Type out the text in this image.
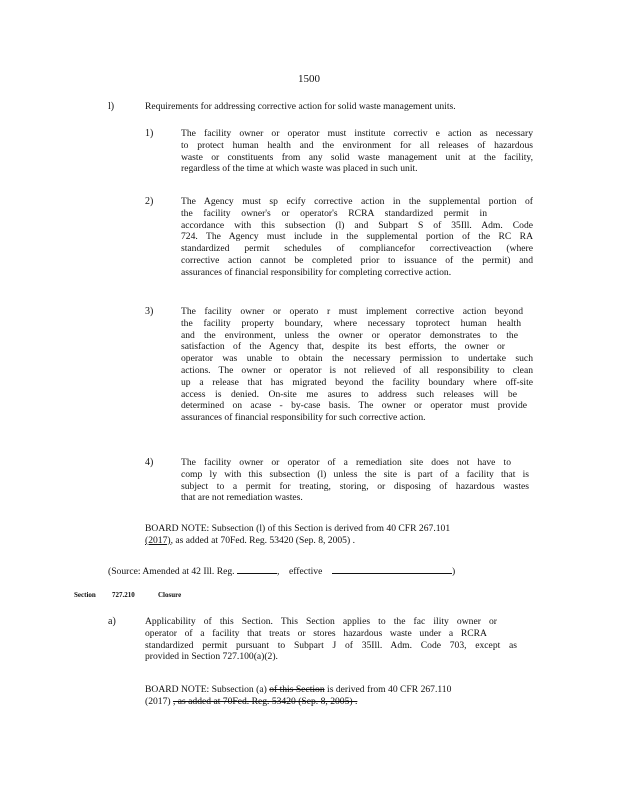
1500
l)	Requirements for addressing corrective action for solid waste management units.
1)	The facility owner or operator must institute correctiv e action as necessary
to protect human health and the environment for all releases of hazardous
waste or constituents from any solid waste management unit at the facility,
regardless of the time at which waste was placed in such unit.
2)	The Agency must sp ecify corrective action in the supplemental portion of
the facility owner's or operator's RCRA standardized permit in
accordance with this subsection (l) and Subpart S of 35Ill. Adm. Code
724. The Agency must include in the supplemental portion of the RC RA
standardized permit schedules of compliancefor correctiveaction (where
corrective action cannot be completed prior to issuance of the permit) and
assurances of financial responsibility for completing corrective action.
3)	The facility owner or operato r must implement corrective action beyond
the facility property boundary, where necessary toprotect human health
and the environment, unless the owner or operator demonstrates to the
satisfaction of the Agency that, despite its best efforts, the owner or
operator was unable to obtain the necessary permission to undertake such
actions. The owner or operator is not relieved of all responsibility to clean
up a release that has migrated beyond the facility boundary where off-site
access is denied. On-site me asures to address such releases will be
determined on acase - by-case basis. The owner or operator must provide
assurances of financial responsibility for such corrective action.
4)	The facility owner or operator of a remediation site does not have to
comp ly with this subsection (l) unless the site is part of a facility that is
subject to a permit for treating, storing, or disposing of hazardous wastes
that are not remediation wastes.
BOARD NOTE: Subsection (l) of this Section is derived from 40 CFR 267.101
(2017), as added at 70Fed. Reg. 53420 (Sep. 8, 2005) .
(Source: Amended at 42 Ill. Reg.	, effective	)
Section 727.210	Closure
a)	Applicability of this Section. This Section applies to the fac ility owner or
operator of a facility that treats or stores hazardous waste under a RCRA
standardized permit pursuant to Subpart J of 35Ill. Adm. Code 703, except as
provided in Section 727.100(a)(2).
BOARD NOTE: Subsection (a) of this Section is derived from 40 CFR 267.110
(2017) , as added at 70Fed. Reg. 53420 (Sep. 8, 2005) .
